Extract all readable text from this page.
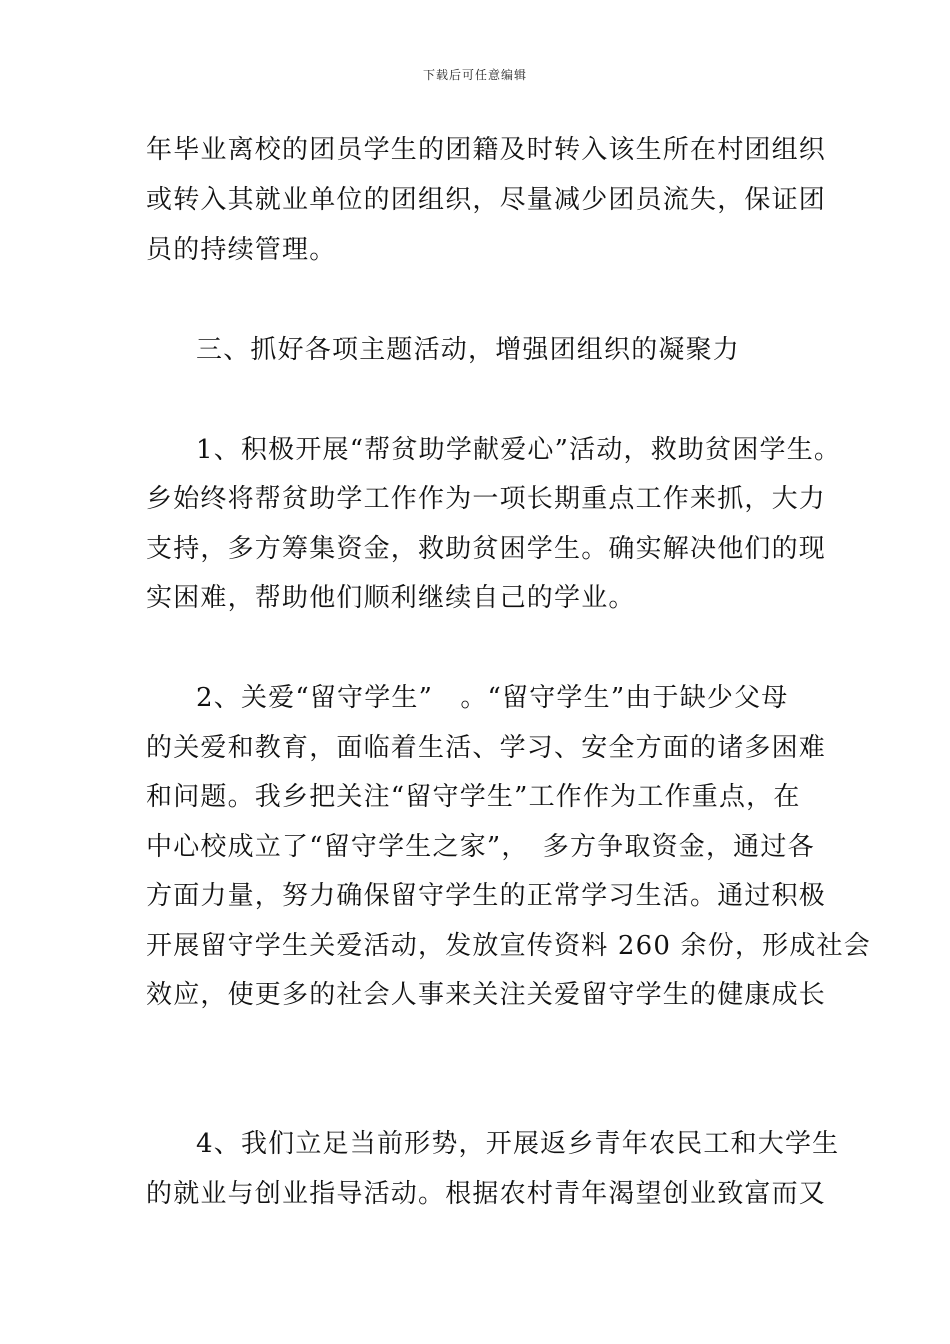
下载后可任意编辑
年毕业离校的团员学生的团籍及时转入该生所在村团组织
或转入其就业单位的团组织，尽量减少团员流失，保证团
员的持续管理。
三、抓好各项主题活动，增强团组织的凝聚力
1、积极开展“帮贫助学献爱心”活动，救助贫困学生。
乡始终将帮贫助学工作作为一项长期重点工作来抓，大力
支持，多方筹集资金，救助贫困学生。确实解决他们的现
实困难，帮助他们顺利继续自己的学业。
2、关爱“留守学生”　。“留守学生”由于缺少父母
的关爱和教育，面临着生活、学习、安全方面的诸多困难
和问题。我乡把关注“留守学生”工作作为工作重点，在
中心校成立了“留守学生之家”，　多方争取资金，通过各
方面力量，努力确保留守学生的正常学习生活。通过积极
开展留守学生关爱活动，发放宣传资料 260 余份，形成社会
效应，使更多的社会人事来关注关爱留守学生的健康成长
4、我们立足当前形势，开展返乡青年农民工和大学生
的就业与创业指导活动。根据农村青年渴望创业致富而又
